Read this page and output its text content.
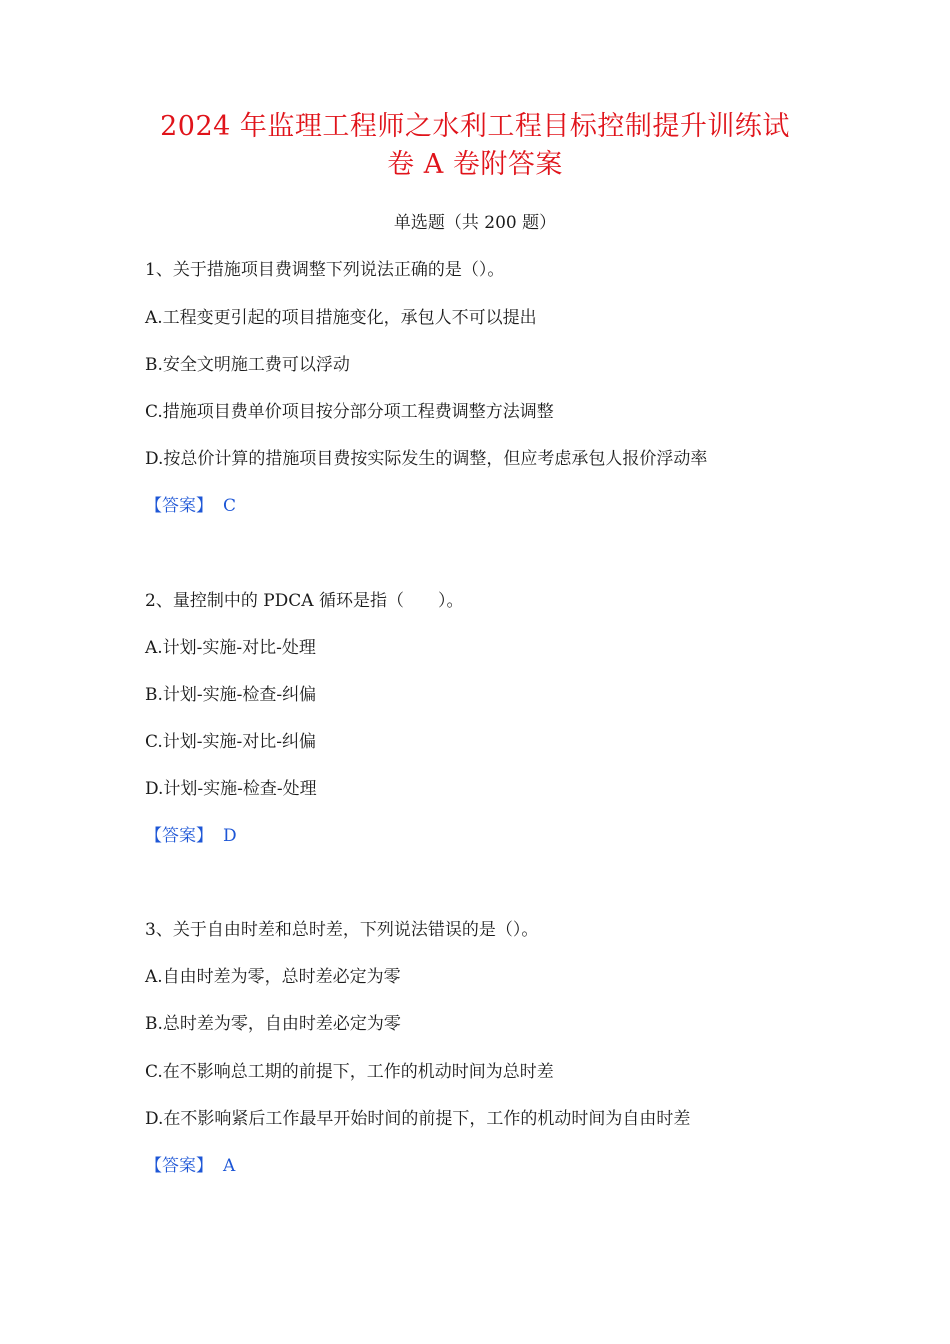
2024 年监理工程师之水利工程目标控制提升训练试
卷 A 卷附答案
单选题（共 200 题）
1、关于措施项目费调整下列说法正确的是（）。
A.工程变更引起的项目措施变化，承包人不可以提出
B.安全文明施工费可以浮动
C.措施项目费单价项目按分部分项工程费调整方法调整
D.按总价计算的措施项目费按实际发生的调整，但应考虑承包人报价浮动率
【答案】 C
2、量控制中的 PDCA 循环是指（　　）。
A.计划-实施-对比-处理
B.计划-实施-检查-纠偏
C.计划-实施-对比-纠偏
D.计划-实施-检查-处理
【答案】 D
3、关于自由时差和总时差，下列说法错误的是（）。
A.自由时差为零，总时差必定为零
B.总时差为零，自由时差必定为零
C.在不影响总工期的前提下，工作的机动时间为总时差
D.在不影响紧后工作最早开始时间的前提下，工作的机动时间为自由时差
【答案】 A
